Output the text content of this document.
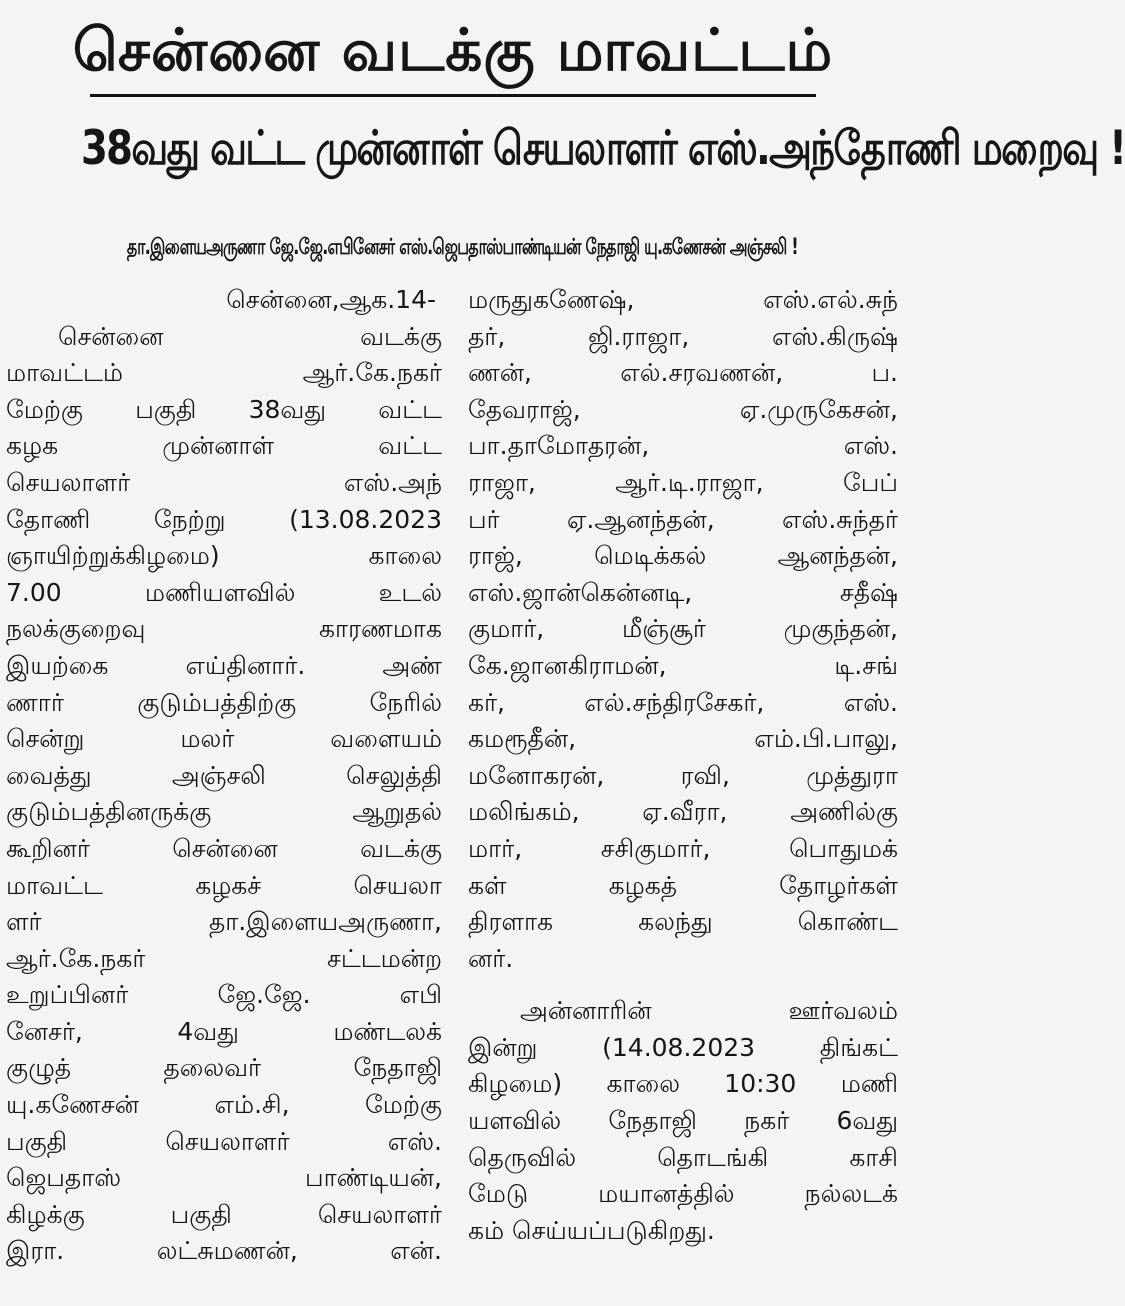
சென்னை வடக்கு மாவட்டம்
38வது வட்ட முன்னாள் செயலாளர் எஸ்.அந்தோணி மறைவு !
தா.இளையஅருணா ஜே.ஜே.எபினேசர் எஸ்.ஜெபதாஸ்பாண்டியன் நேதாஜி யு.கணேசன் அஞ்சலி !
சென்னை,ஆக.14-
சென்னை வடக்கு
மாவட்டம் ஆர்.கே.நகர்
மேற்கு பகுதி 38வது வட்ட
கழக முன்னாள் வட்ட
செயலாளர் எஸ்.அந்
தோணி நேற்று (13.08.2023
ஞாயிற்றுக்கிழமை) காலை
7.00 மணியளவில் உடல்
நலக்குறைவு காரணமாக
இயற்கை எய்தினார். அண்
ணார் குடும்பத்திற்கு நேரில்
சென்று மலர் வளையம்
வைத்து அஞ்சலி செலுத்தி
குடும்பத்தினருக்கு ஆறுதல்
கூறினர் சென்னை வடக்கு
மாவட்ட கழகச் செயலா
ளர் தா.இளையஅருணா,
ஆர்.கே.நகர் சட்டமன்ற
உறுப்பினர் ஜே.ஜே. எபி
னேசர், 4வது மண்டலக்
குழுத் தலைவர் நேதாஜி
யு.கணேசன் எம்.சி, மேற்கு
பகுதி செயலாளர் எஸ்.
ஜெபதாஸ் பாண்டியன்,
கிழக்கு பகுதி செயலாளர்
இரா. லட்சுமணன், என்.
மருதுகணேஷ், எஸ்.எல்.சுந்
தர், ஜி.ராஜா, எஸ்.கிருஷ்
ணன், எல்.சரவணன், ப.
தேவராஜ், ஏ.முருகேசன்,
பா.தாமோதரன், எஸ்.
ராஜா, ஆர்.டி.ராஜா, பேப்
பர் ஏ.ஆனந்தன், எஸ்.சுந்தர்
ராஜ், மெடிக்கல் ஆனந்தன்,
எஸ்.ஜான்கென்னடி, சதீஷ்
குமார், மீஞ்சூர் முகுந்தன்,
கே.ஜானகிராமன், டி.சங்
கர், எல்.சந்திரசேகர், எஸ்.
கமரூதீன், எம்.பி.பாலு,
மனோகரன், ரவி, முத்துரா
மலிங்கம், ஏ.வீரா, அணில்கு
மார், சசிகுமார், பொதுமக்
கள் கழகத் தோழர்கள்
திரளாக கலந்து கொண்ட
னர்.
அன்னாரின் ஊர்வலம்
இன்று (14.08.2023 திங்கட்
கிழமை) காலை 10:30 மணி
யளவில் நேதாஜி நகர் 6வது
தெருவில் தொடங்கி காசி
மேடு மயானத்தில் நல்லடக்
கம் செய்யப்படுகிறது.
